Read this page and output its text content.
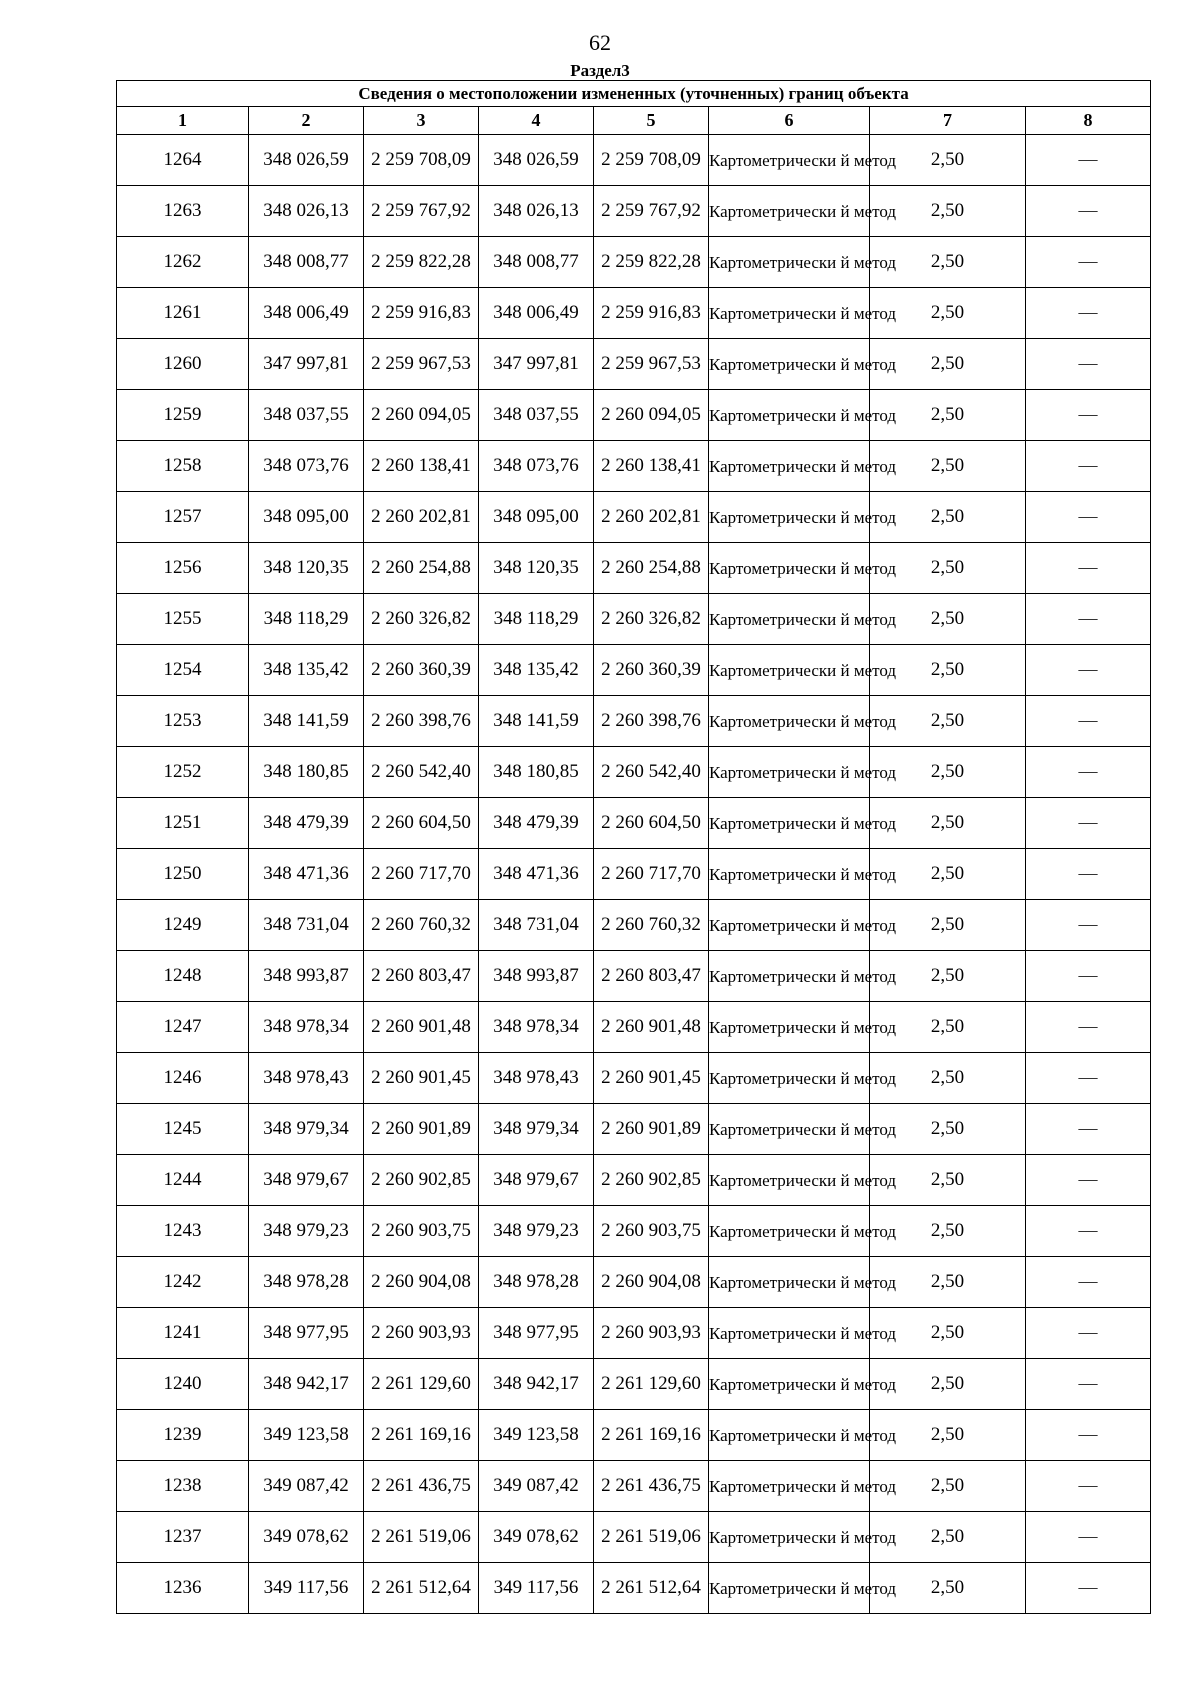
62
Раздел3
Сведения о местоположении измененных (уточненных) границ объекта							
1	2	3	4	5	6	7	8
1264	348 026,59	2 259 708,09	348 026,59	2 259 708,09	Картометрически й метод	2,50	—
1263	348 026,13	2 259 767,92	348 026,13	2 259 767,92	Картометрически й метод	2,50	—
1262	348 008,77	2 259 822,28	348 008,77	2 259 822,28	Картометрически й метод	2,50	—
1261	348 006,49	2 259 916,83	348 006,49	2 259 916,83	Картометрически й метод	2,50	—
1260	347 997,81	2 259 967,53	347 997,81	2 259 967,53	Картометрически й метод	2,50	—
1259	348 037,55	2 260 094,05	348 037,55	2 260 094,05	Картометрически й метод	2,50	—
1258	348 073,76	2 260 138,41	348 073,76	2 260 138,41	Картометрически й метод	2,50	—
1257	348 095,00	2 260 202,81	348 095,00	2 260 202,81	Картометрически й метод	2,50	—
1256	348 120,35	2 260 254,88	348 120,35	2 260 254,88	Картометрически й метод	2,50	—
1255	348 118,29	2 260 326,82	348 118,29	2 260 326,82	Картометрически й метод	2,50	—
1254	348 135,42	2 260 360,39	348 135,42	2 260 360,39	Картометрически й метод	2,50	—
1253	348 141,59	2 260 398,76	348 141,59	2 260 398,76	Картометрически й метод	2,50	—
1252	348 180,85	2 260 542,40	348 180,85	2 260 542,40	Картометрически й метод	2,50	—
1251	348 479,39	2 260 604,50	348 479,39	2 260 604,50	Картометрически й метод	2,50	—
1250	348 471,36	2 260 717,70	348 471,36	2 260 717,70	Картометрически й метод	2,50	—
1249	348 731,04	2 260 760,32	348 731,04	2 260 760,32	Картометрически й метод	2,50	—
1248	348 993,87	2 260 803,47	348 993,87	2 260 803,47	Картометрически й метод	2,50	—
1247	348 978,34	2 260 901,48	348 978,34	2 260 901,48	Картометрически й метод	2,50	—
1246	348 978,43	2 260 901,45	348 978,43	2 260 901,45	Картометрически й метод	2,50	—
1245	348 979,34	2 260 901,89	348 979,34	2 260 901,89	Картометрически й метод	2,50	—
1244	348 979,67	2 260 902,85	348 979,67	2 260 902,85	Картометрически й метод	2,50	—
1243	348 979,23	2 260 903,75	348 979,23	2 260 903,75	Картометрически й метод	2,50	—
1242	348 978,28	2 260 904,08	348 978,28	2 260 904,08	Картометрически й метод	2,50	—
1241	348 977,95	2 260 903,93	348 977,95	2 260 903,93	Картометрически й метод	2,50	—
1240	348 942,17	2 261 129,60	348 942,17	2 261 129,60	Картометрически й метод	2,50	—
1239	349 123,58	2 261 169,16	349 123,58	2 261 169,16	Картометрически й метод	2,50	—
1238	349 087,42	2 261 436,75	349 087,42	2 261 436,75	Картометрически й метод	2,50	—
1237	349 078,62	2 261 519,06	349 078,62	2 261 519,06	Картометрически й метод	2,50	—
1236	349 117,56	2 261 512,64	349 117,56	2 261 512,64	Картометрически й метод	2,50	—
